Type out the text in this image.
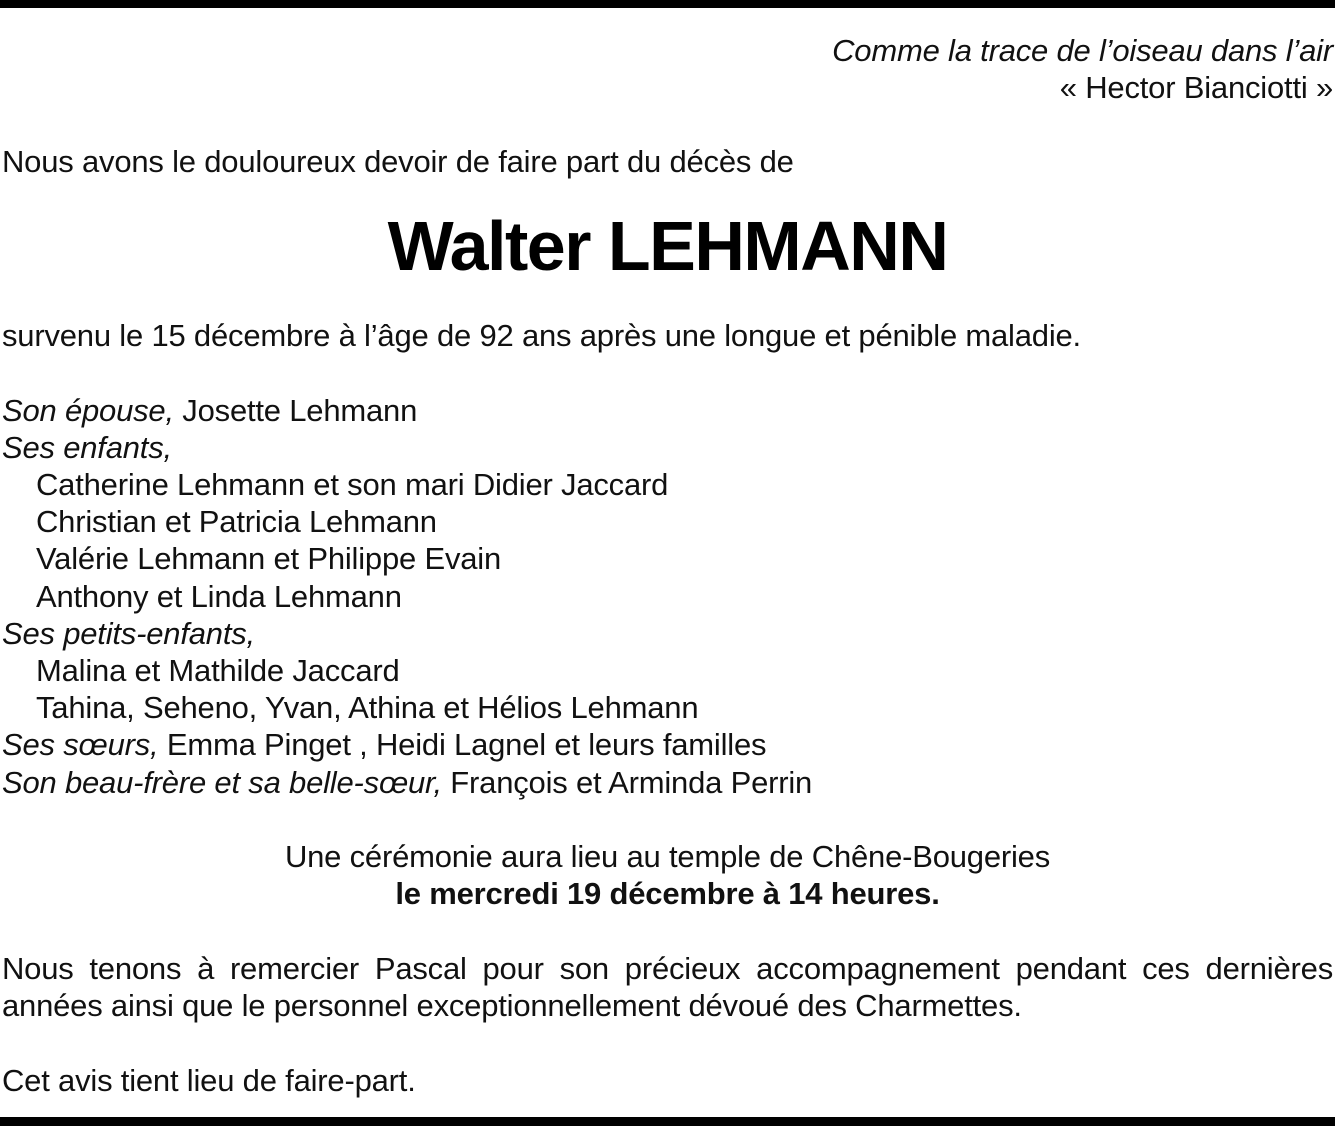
Comme la trace de l’oiseau dans l’air
« Hector Bianciotti »
Nous avons le douloureux devoir de faire part du décès de
Walter LEHMANN
survenu le 15 décembre à l’âge de 92 ans après une longue et pénible maladie.
Son épouse, Josette Lehmann
Ses enfants,
Catherine Lehmann et son mari Didier Jaccard
Christian et Patricia Lehmann
Valérie Lehmann et Philippe Evain
Anthony et Linda Lehmann
Ses petits-enfants,
Malina et Mathilde Jaccard
Tahina, Seheno, Yvan, Athina et Hélios Lehmann
Ses sœurs, Emma Pinget , Heidi Lagnel et leurs familles
Son beau-frère et sa belle-sœur, François et Arminda Perrin
Une cérémonie aura lieu au temple de Chêne-Bougeries
le mercredi 19 décembre à 14 heures.
Nous tenons à remercier Pascal pour son précieux accompagnement pendant ces dernières années ainsi que le personnel exceptionnellement dévoué des Charmettes.
Cet avis tient lieu de faire-part.
